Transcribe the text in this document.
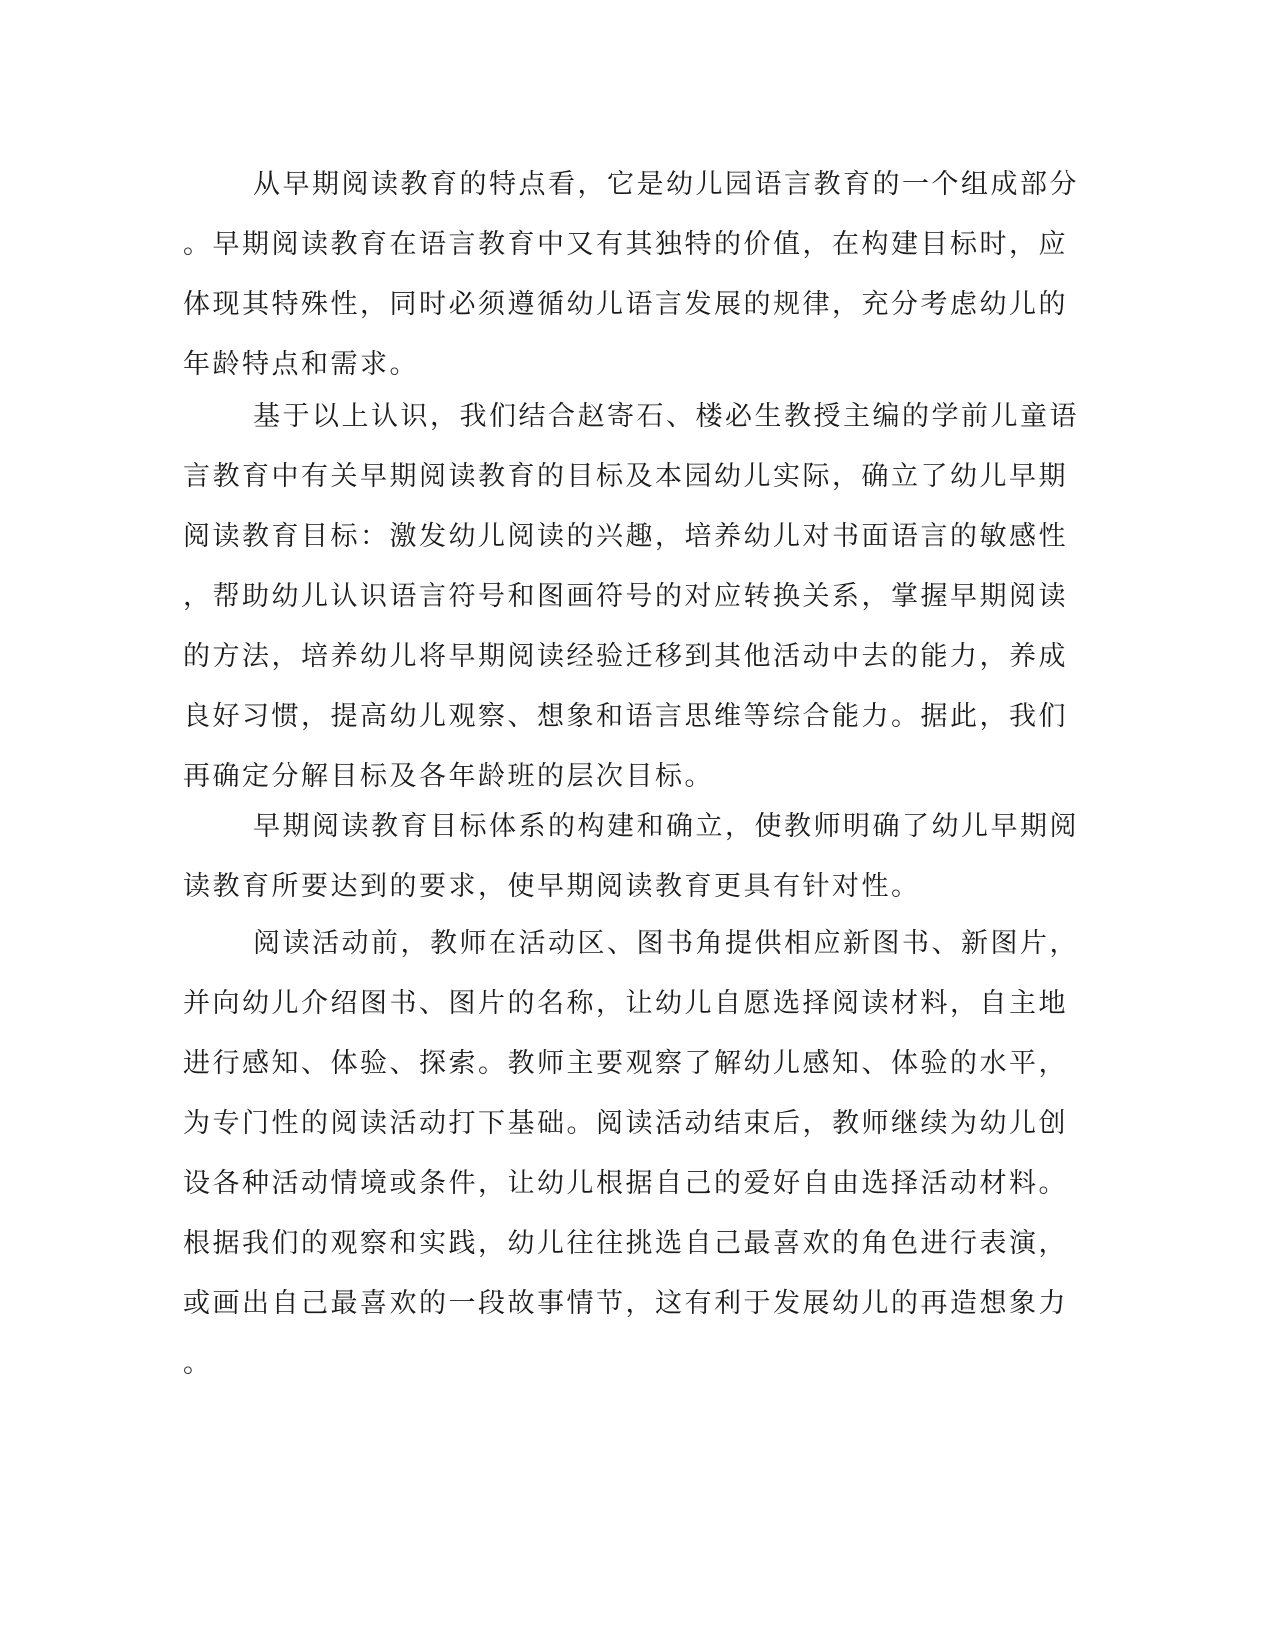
从早期阅读教育的特点看，它是幼儿园语言教育的一个组成部分
。早期阅读教育在语言教育中又有其独特的价值，在构建目标时，应
体现其特殊性，同时必须遵循幼儿语言发展的规律，充分考虑幼儿的
年龄特点和需求。
基于以上认识，我们结合赵寄石、楼必生教授主编的学前儿童语
言教育中有关早期阅读教育的目标及本园幼儿实际，确立了幼儿早期
阅读教育目标：激发幼儿阅读的兴趣，培养幼儿对书面语言的敏感性
，帮助幼儿认识语言符号和图画符号的对应转换关系，掌握早期阅读
的方法，培养幼儿将早期阅读经验迁移到其他活动中去的能力，养成
良好习惯，提高幼儿观察、想象和语言思维等综合能力。据此，我们
再确定分解目标及各年龄班的层次目标。
早期阅读教育目标体系的构建和确立，使教师明确了幼儿早期阅
读教育所要达到的要求，使早期阅读教育更具有针对性。
阅读活动前，教师在活动区、图书角提供相应新图书、新图片，
并向幼儿介绍图书、图片的名称，让幼儿自愿选择阅读材料，自主地
进行感知、体验、探索。教师主要观察了解幼儿感知、体验的水平，
为专门性的阅读活动打下基础。阅读活动结束后，教师继续为幼儿创
设各种活动情境或条件，让幼儿根据自己的爱好自由选择活动材料。
根据我们的观察和实践，幼儿往往挑选自己最喜欢的角色进行表演，
或画出自己最喜欢的一段故事情节，这有利于发展幼儿的再造想象力
。
